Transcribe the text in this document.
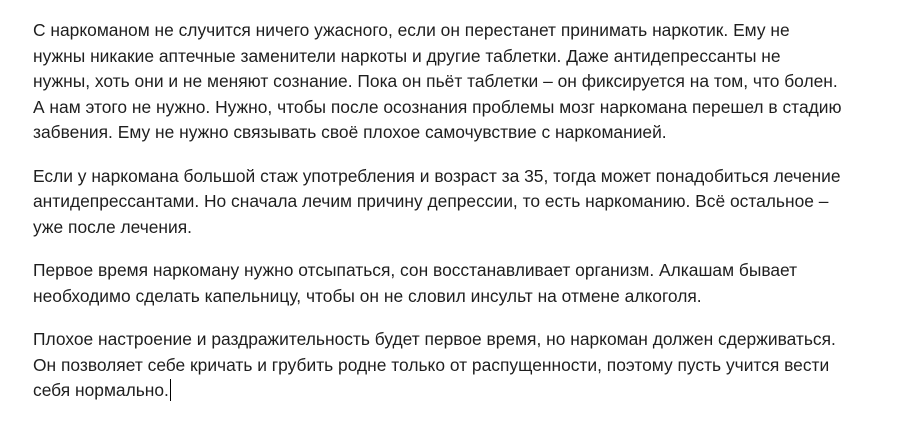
С наркоманом не случится ничего ужасного, если он перестанет принимать наркотик. Ему не
нужны никакие аптечные заменители наркоты и другие таблетки. Даже антидепрессанты не
нужны, хоть они и не меняют сознание. Пока он пьёт таблетки – он фиксируется на том, что болен.
А нам этого не нужно. Нужно, чтобы после осознания проблемы мозг наркомана перешел в стадию
забвения. Ему не нужно связывать своё плохое самочувствие с наркоманией.

Если у наркомана большой стаж употребления и возраст за 35, тогда может понадобиться лечение
антидепрессантами. Но сначала лечим причину депрессии, то есть наркоманию. Всё остальное –
уже после лечения.

Первое время наркоману нужно отсыпаться, сон восстанавливает организм. Алкашам бывает
необходимо сделать капельницу, чтобы он не словил инсульт на отмене алкоголя.

Плохое настроение и раздражительность будет первое время, но наркоман должен сдерживаться.
Он позволяет себе кричать и грубить родне только от распущенности, поэтому пусть учится вести
себя нормально.
